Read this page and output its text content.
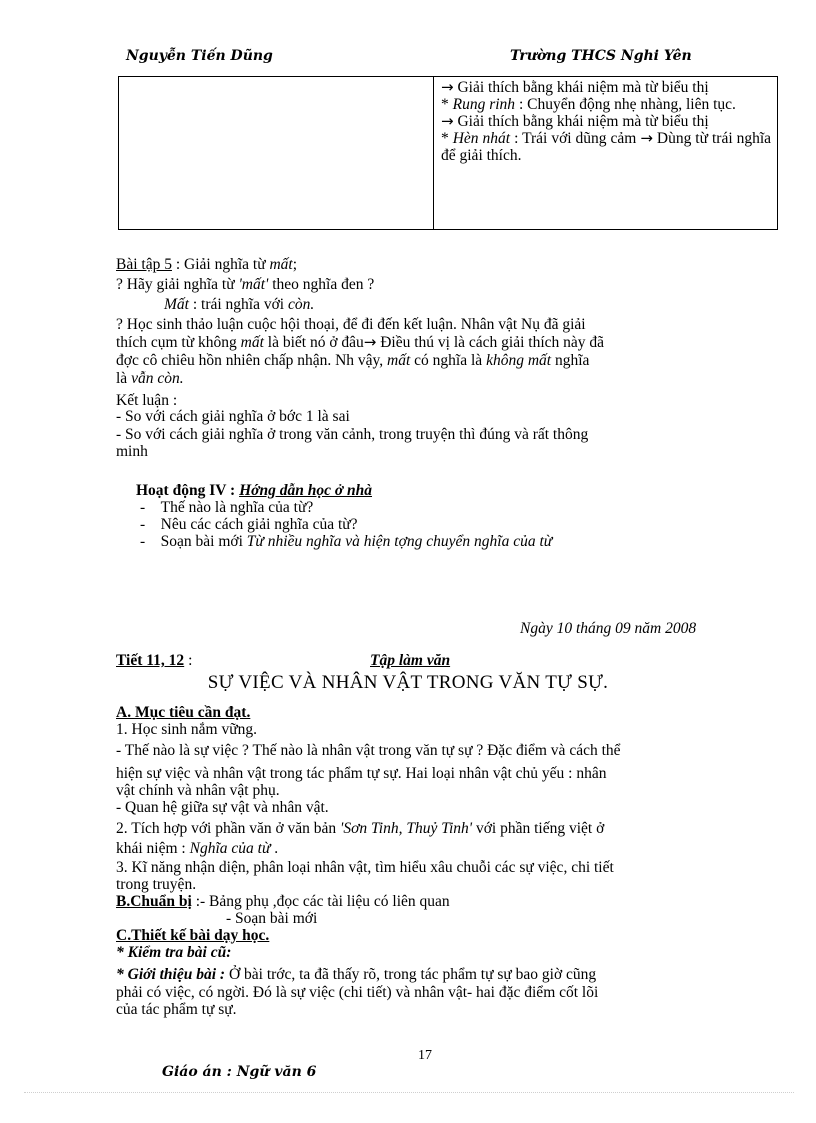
Nguyễn Tiến Dũng	Trường THCS Nghi Yên
→ Giải thích bằng khái niệm mà từ biểu thị
* Rung rinh : Chuyển động nhẹ nhàng, liên tục.
→ Giải thích bằng khái niệm mà từ biểu thị
* Hèn nhát : Trái với dũng cảm → Dùng từ trái nghĩa để giải thích.
Bài tập 5 : Giải nghĩa từ mất;
? Hãy giải nghĩa từ 'mất' theo nghĩa đen ?
Mất : trái nghĩa với còn.
? Học sinh thảo luận cuộc hội thoại, để đi đến kết luận. Nhân vật Nụ đã giải
thích cụm từ không mất là biết nó ở đâu→ Điều thú vị là cách giải thích này đã
đợc cô chiêu hồn nhiên chấp nhận. Nh vậy, mất có nghĩa là không mất nghĩa
là vẫn còn.
Kết luận :
- So với cách giải nghĩa ở bớc 1 là sai
- So với cách giải nghĩa ở trong văn cảnh, trong truyện thì đúng và rất thông
minh
Hoạt động IV : Hớng dẫn học ở nhà
- Thế nào là nghĩa của từ?
- Nêu các cách giải nghĩa của từ?
- Soạn bài mới Từ nhiều nghĩa và hiện tợng chuyển nghĩa của từ
Ngày 10 tháng 09 năm 2008
Tiết 11, 12 :	Tập làm văn
SỰ VIỆC VÀ NHÂN VẬT TRONG VĂN TỰ SỰ.
A. Mục tiêu cần đạt.
1. Học sinh nắm vững.
- Thế nào là sự việc ? Thế nào là nhân vật trong văn tự sự ? Đặc điểm và cách thể
hiện sự việc và nhân vật trong tác phẩm tự sự. Hai loại nhân vật chủ yếu : nhân
vật chính và nhân vật phụ.
- Quan hệ giữa sự vật và nhân vật.
2. Tích hợp với phần văn ở văn bản 'Sơn Tinh, Thuỷ Tinh' với phần tiếng việt ở
khái niệm : Nghĩa của từ .
3. Kĩ năng nhận diện, phân loại nhân vật, tìm hiểu xâu chuỗi các sự việc, chi tiết
trong truyện.
B.Chuẩn bị :- Bảng phụ ,đọc các tài liệu có liên quan
- Soạn bài mới
C.Thiết kế bài dạy học.
* Kiểm tra bài cũ:
* Giới thiệu bài : Ở bài trớc, ta đã thấy rõ, trong tác phẩm tự sự bao giờ cũng
phải có việc, có ngời. Đó là sự việc (chi tiết) và nhân vật- hai đặc điểm cốt lõi
của tác phẩm tự sự.
17
Giáo án : Ngữ văn 6
